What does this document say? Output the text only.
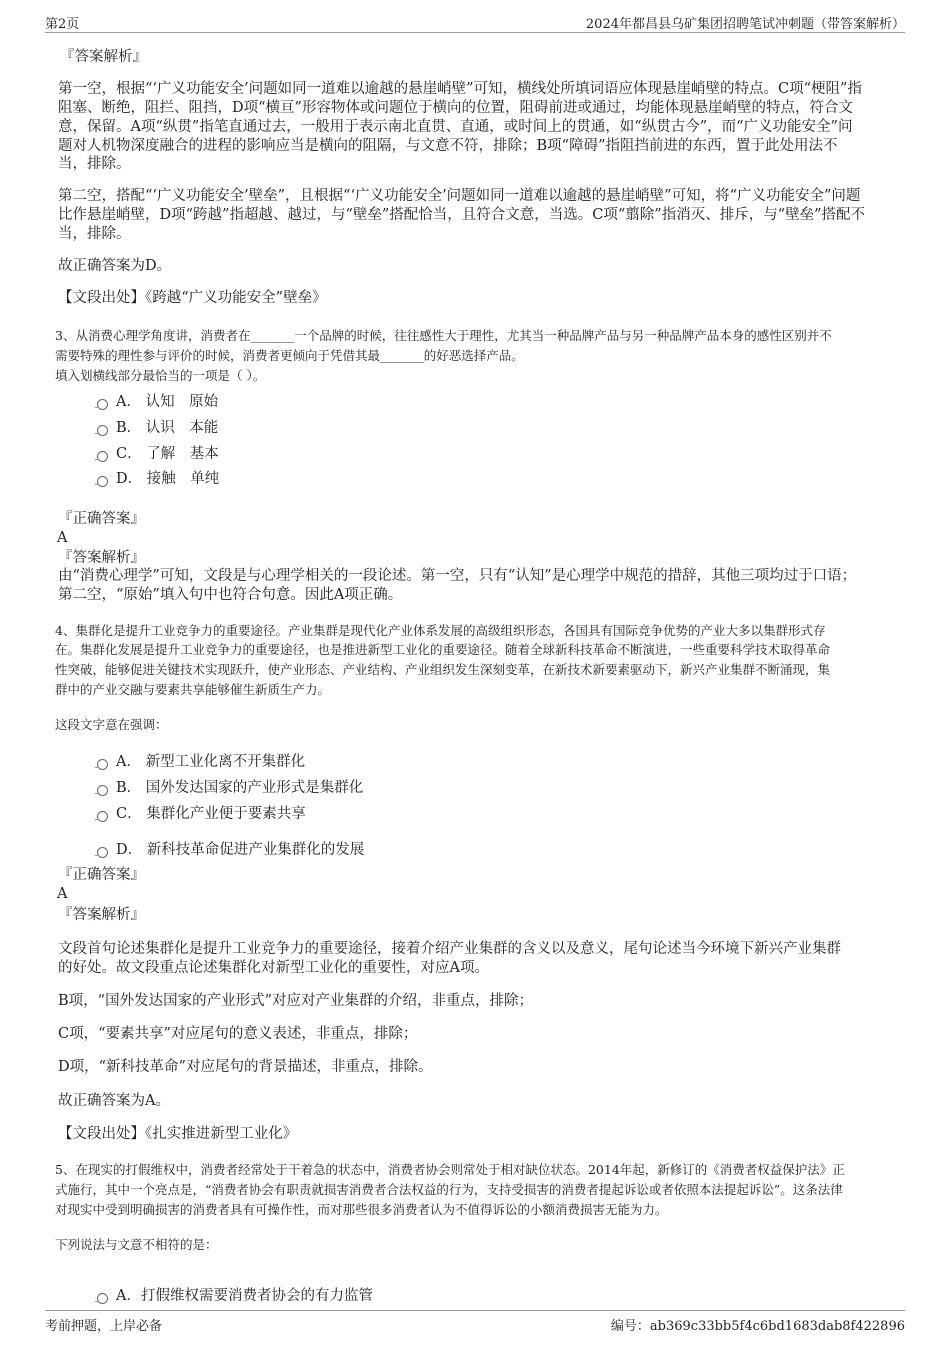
第2页	2024年都昌县乌矿集团招聘笔试冲刺题（带答案解析）
『答案解析』
第一空，根据“‘广义功能安全’问题如同一道难以逾越的悬崖峭壁”可知，横线处所填词语应体现悬崖峭壁的特点。C项“梗阻”指
阻塞、断绝，阻拦、阻挡，D项“横亘”形容物体或问题位于横向的位置，阻碍前进或通过，均能体现悬崖峭壁的特点，符合文
意，保留。A项“纵贯”指笔直通过去，一般用于表示南北直贯、直通，或时间上的贯通，如“纵贯古今”，而“广义功能安全”问
题对人机物深度融合的进程的影响应当是横向的阻隔，与文意不符，排除；B项“障碍”指阻挡前进的东西，置于此处用法不
当，排除。
第二空，搭配“‘广义功能安全’壁垒”，且根据“‘广义功能安全’问题如同一道难以逾越的悬崖峭壁”可知，将“广义功能安全”问题
比作悬崖峭壁，D项“跨越”指超越、越过，与“壁垒”搭配恰当，且符合文意，当选。C项“翦除”指消灭、排斥，与“壁垒”搭配不
当，排除。
故正确答案为D。
【文段出处】《跨越“广义功能安全”壁垒》
3、从消费心理学角度讲，消费者在_______一个品牌的时候，往往感性大于理性，尤其当一种品牌产品与另一种品牌产品本身的感性区别并不
需要特殊的理性参与评价的时候，消费者更倾向于凭借其最_______的好恶选择产品。
填入划横线部分最恰当的一项是（ ）。
A． 认知　原始
B． 认识　本能
C． 了解　基本
D． 接触　单纯
『正确答案』
A
『答案解析』
由“消费心理学”可知，文段是与心理学相关的一段论述。第一空，只有“认知”是心理学中规范的措辞，其他三项均过于口语；
第二空，“原始”填入句中也符合句意。因此A项正确。
4、集群化是提升工业竞争力的重要途径。产业集群是现代化产业体系发展的高级组织形态，各国具有国际竞争优势的产业大多以集群形式存
在。集群化发展是提升工业竞争力的重要途径，也是推进新型工业化的重要途径。随着全球新科技革命不断演进，一些重要科学技术取得革命
性突破，能够促进关键技术实现跃升，使产业形态、产业结构、产业组织发生深刻变革，在新技术新要素驱动下，新兴产业集群不断涌现，集
群中的产业交融与要素共享能够催生新质生产力。
这段文字意在强调：
A． 新型工业化离不开集群化
B． 国外发达国家的产业形式是集群化
C． 集群化产业便于要素共享
D． 新科技革命促进产业集群化的发展
『正确答案』
A
『答案解析』
文段首句论述集群化是提升工业竞争力的重要途径，接着介绍产业集群的含义以及意义，尾句论述当今环境下新兴产业集群
的好处。故文段重点论述集群化对新型工业化的重要性，对应A项。
B项，“国外发达国家的产业形式”对应对产业集群的介绍，非重点，排除；
C项，“要素共享”对应尾句的意义表述，非重点，排除；
D项，“新科技革命”对应尾句的背景描述，非重点，排除。
故正确答案为A。
【文段出处】《扎实推进新型工业化》
5、在现实的打假维权中，消费者经常处于干着急的状态中，消费者协会则常处于相对缺位状态。2014年起，新修订的《消费者权益保护法》正
式施行，其中一个亮点是，“消费者协会有职责就损害消费者合法权益的行为，支持受损害的消费者提起诉讼或者依照本法提起诉讼”。这条法律
对现实中受到明确损害的消费者具有可操作性，而对那些很多消费者认为不值得诉讼的小额消费损害无能为力。
下列说法与文意不相符的是：
A．打假维权需要消费者协会的有力监管
考前押题，上岸必备	编号：ab369c33bb5f4c6bd1683dab8f422896
